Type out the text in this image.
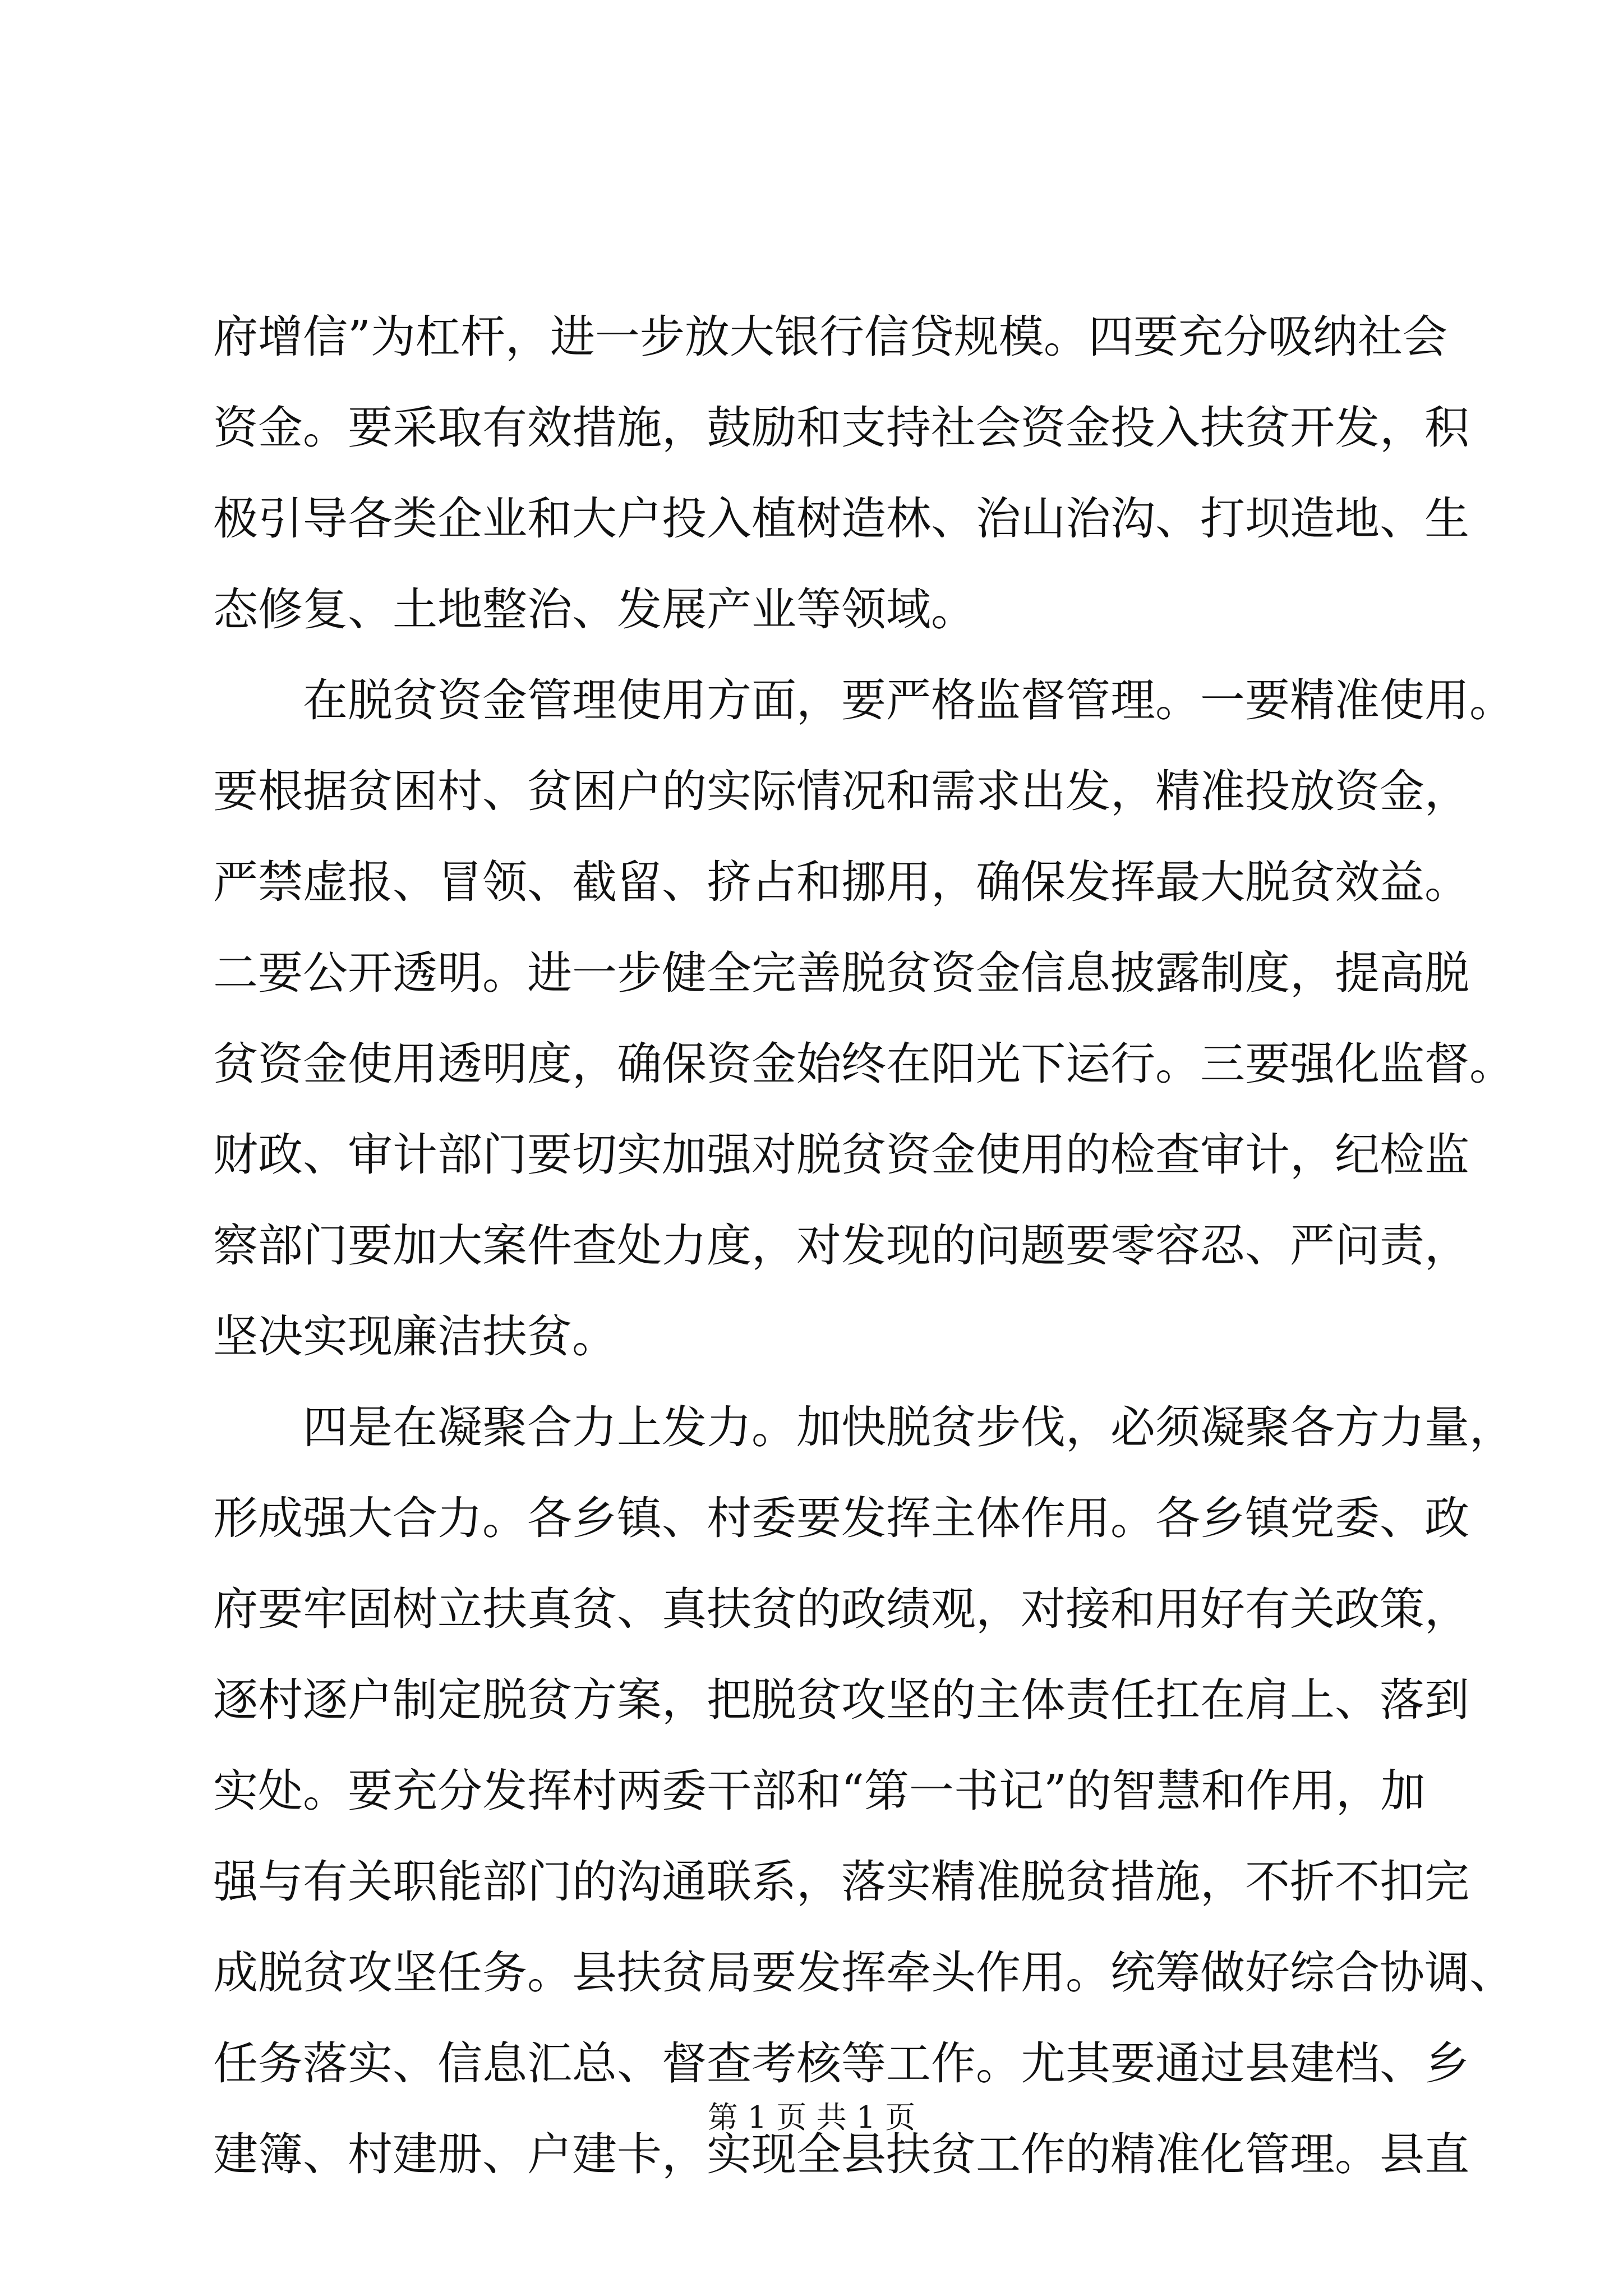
府增信”为杠杆，进一步放大银行信贷规模。四要充分吸纳社会
资金。要采取有效措施，鼓励和支持社会资金投入扶贫开发，积
极引导各类企业和大户投入植树造林、治山治沟、打坝造地、生
态修复、土地整治、发展产业等领域。
在脱贫资金管理使用方面，要严格监督管理。一要精准使用。
要根据贫困村、贫困户的实际情况和需求出发，精准投放资金，
严禁虚报、冒领、截留、挤占和挪用，确保发挥最大脱贫效益。
二要公开透明。进一步健全完善脱贫资金信息披露制度，提高脱
贫资金使用透明度，确保资金始终在阳光下运行。三要强化监督。
财政、审计部门要切实加强对脱贫资金使用的检查审计，纪检监
察部门要加大案件查处力度，对发现的问题要零容忍、严问责，
坚决实现廉洁扶贫。
四是在凝聚合力上发力。加快脱贫步伐，必须凝聚各方力量，
形成强大合力。各乡镇、村委要发挥主体作用。各乡镇党委、政
府要牢固树立扶真贫、真扶贫的政绩观，对接和用好有关政策，
逐村逐户制定脱贫方案，把脱贫攻坚的主体责任扛在肩上、落到
实处。要充分发挥村两委干部和“第一书记”的智慧和作用，加
强与有关职能部门的沟通联系，落实精准脱贫措施，不折不扣完
成脱贫攻坚任务。县扶贫局要发挥牵头作用。统筹做好综合协调、
任务落实、信息汇总、督查考核等工作。尤其要通过县建档、乡
建簿、村建册、户建卡，实现全县扶贫工作的精准化管理。县直
第 1 页 共 1 页
